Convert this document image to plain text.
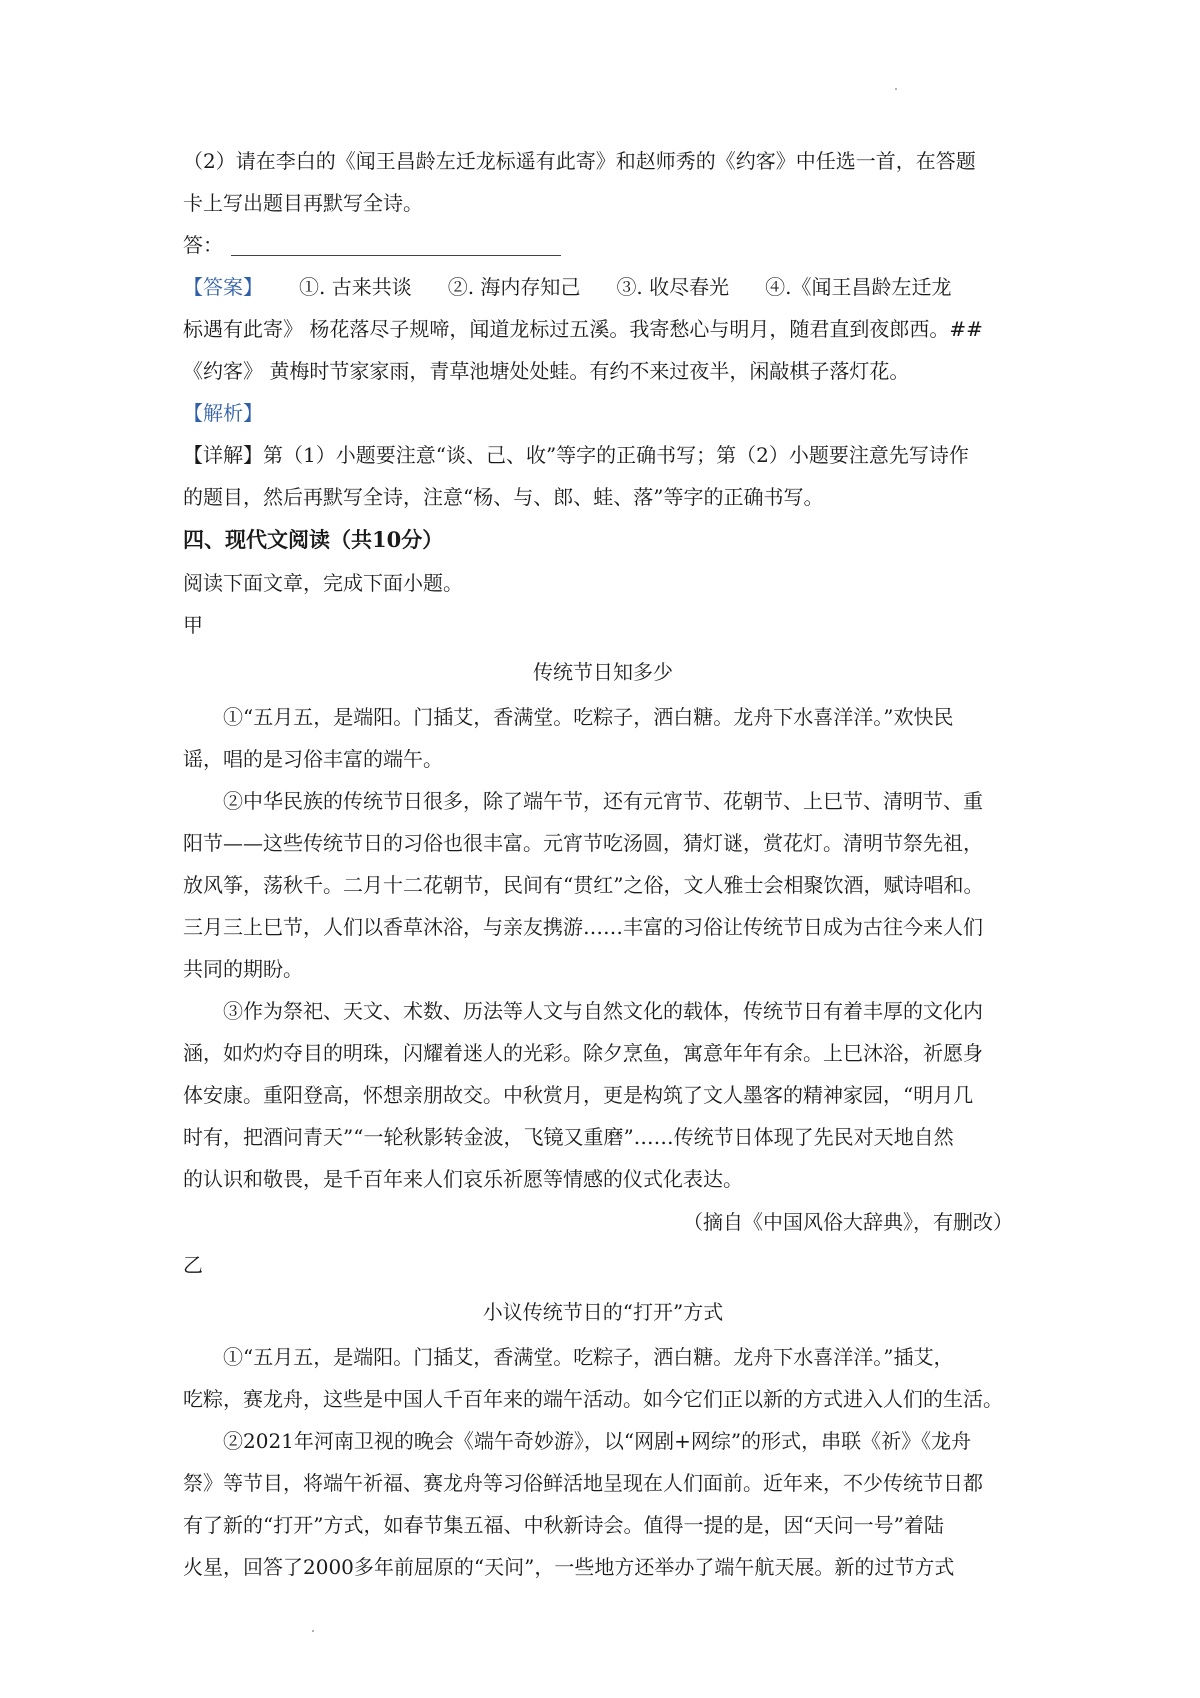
（2）请在李白的《闻王昌龄左迁龙标遥有此寄》和赵师秀的《约客》中任选一首，在答题

卡上写出题目再默写全诗。

答：

【答案】 ①. 古来共谈 ②. 海内存知己 ③. 收尽春光 ④.《闻王昌龄左迁龙

标遇有此寄》 杨花落尽子规啼，闻道龙标过五溪。我寄愁心与明月，随君直到夜郎西。##

《约客》 黄梅时节家家雨，青草池塘处处蛙。有约不来过夜半，闲敲棋子落灯花。

【解析】

【详解】第（1）小题要注意“谈、己、收”等字的正确书写；第（2）小题要注意先写诗作

的题目，然后再默写全诗，注意“杨、与、郎、蛙、落”等字的正确书写。

四、现代文阅读（共10分）

阅读下面文章，完成下面小题。

甲

传统节日知多少

①“五月五，是端阳。门插艾，香满堂。吃粽子，洒白糖。龙舟下水喜洋洋。”欢快民

谣，唱的是习俗丰富的端午。

②中华民族的传统节日很多，除了端午节，还有元宵节、花朝节、上巳节、清明节、重

阳节——这些传统节日的习俗也很丰富。元宵节吃汤圆，猜灯谜，赏花灯。清明节祭先祖，

放风筝，荡秋千。二月十二花朝节，民间有“贯红”之俗，文人雅士会相聚饮酒，赋诗唱和。

三月三上巳节，人们以香草沐浴，与亲友携游……丰富的习俗让传统节日成为古往今来人们

共同的期盼。

③作为祭祀、天文、术数、历法等人文与自然文化的载体，传统节日有着丰厚的文化内

涵，如灼灼夺目的明珠，闪耀着迷人的光彩。除夕烹鱼，寓意年年有余。上巳沐浴，祈愿身

体安康。重阳登高，怀想亲朋故交。中秋赏月，更是构筑了文人墨客的精神家园，“明月几

时有，把酒问青天”“一轮秋影转金波，飞镜又重磨”……传统节日体现了先民对天地自然

的认识和敬畏，是千百年来人们哀乐祈愿等情感的仪式化表达。

（摘自《中国风俗大辞典》，有删改）

乙

小议传统节日的“打开”方式

①“五月五，是端阳。门插艾，香满堂。吃粽子，洒白糖。龙舟下水喜洋洋。”插艾，

吃粽，赛龙舟，这些是中国人千百年来的端午活动。如今它们正以新的方式进入人们的生活。

②2021年河南卫视的晚会《端午奇妙游》，以“网剧+网综”的形式，串联《祈》《龙舟

祭》等节目，将端午祈福、赛龙舟等习俗鲜活地呈现在人们面前。近年来，不少传统节日都

有了新的“打开”方式，如春节集五福、中秋新诗会。值得一提的是，因“天问一号”着陆

火星，回答了2000多年前屈原的“天问”，一些地方还举办了端午航天展。新的过节方式
